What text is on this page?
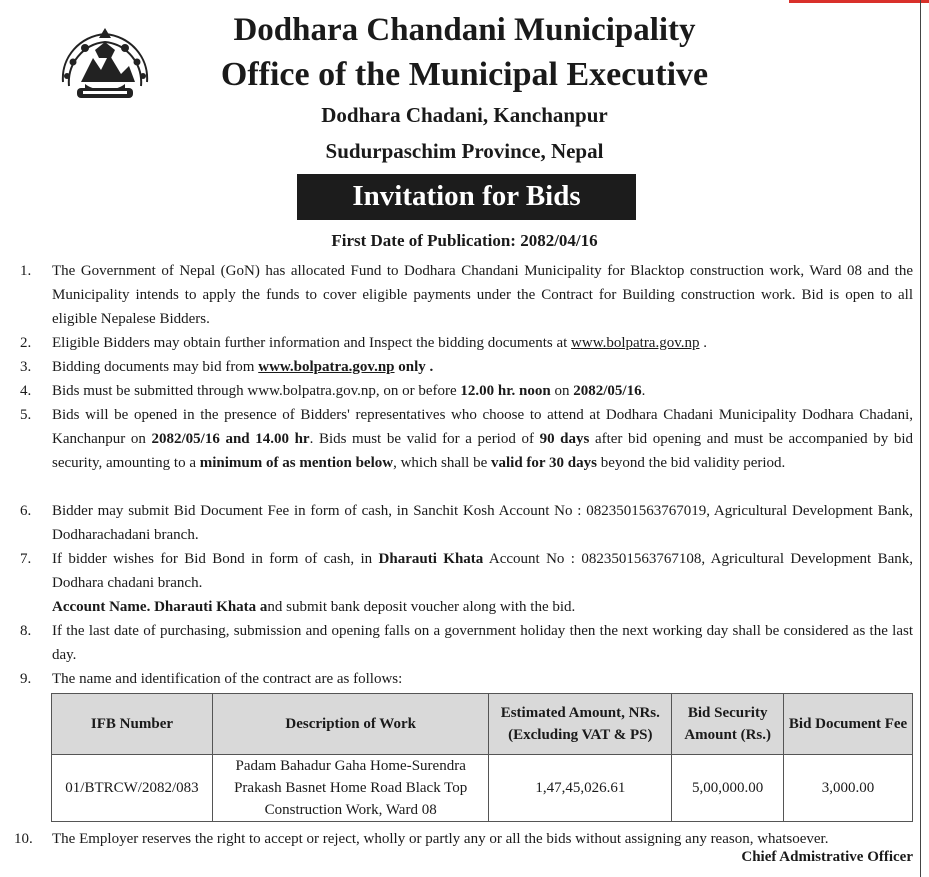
Dodhara Chandani Municipality
Office of the Municipal Executive
Dodhara Chadani, Kanchanpur
Sudurpaschim Province, Nepal
Invitation for Bids
First Date of Publication: 2082/04/16
1.	The Government of Nepal (GoN) has allocated Fund to Dodhara Chandani Municipality for Blacktop construction work, Ward 08 and the Municipality intends to apply the funds to cover eligible payments under the Contract for Building construction work. Bid is open to all eligible Nepalese Bidders.
2.	Eligible Bidders may obtain further information and Inspect the bidding documents at www.bolpatra.gov.np .
3.	Bidding documents may bid from www.bolpatra.gov.np only .
4.	Bids must be submitted through www.bolpatra.gov.np, on or before 12.00 hr. noon on 2082/05/16.
5.	Bids will be opened in the presence of Bidders' representatives who choose to attend at Dodhara Chadani Municipality Dodhara Chadani, Kanchanpur on 2082/05/16 and 14.00 hr. Bids must be valid for a period of 90 days after bid opening and must be accompanied by bid security, amounting to a minimum of as mention below, which shall be valid for 30 days beyond the bid validity period.
6.	Bidder may submit Bid Document Fee in form of cash, in Sanchit Kosh Account No : 0823501563767019, Agricultural Development Bank, Dodharachadani branch.
7.	If bidder wishes for Bid Bond in form of cash, in Dharauti Khata Account No : 0823501563767108, Agricultural Development Bank, Dodhara chadani branch.
Account Name. Dharauti Khata and submit bank deposit voucher along with the bid.
8.	If the last date of purchasing, submission and opening falls on a government holiday then the next working day shall be considered as the last day.
9.	The name and identification of the contract are as follows:
10.	The Employer reserves the right to accept or reject, wholly or partly any or all the bids without assigning any reason, whatsoever.
IFB Number	Description of Work	Estimated Amount, NRs. (Excluding VAT & PS)	Bid Security Amount (Rs.)	Bid Document Fee
01/BTRCW/2082/083	Padam Bahadur Gaha Home-Surendra Prakash Basnet Home Road Black Top Construction Work, Ward 08	1,47,45,026.61	5,00,000.00	3,000.00
Chief Admistrative Officer
